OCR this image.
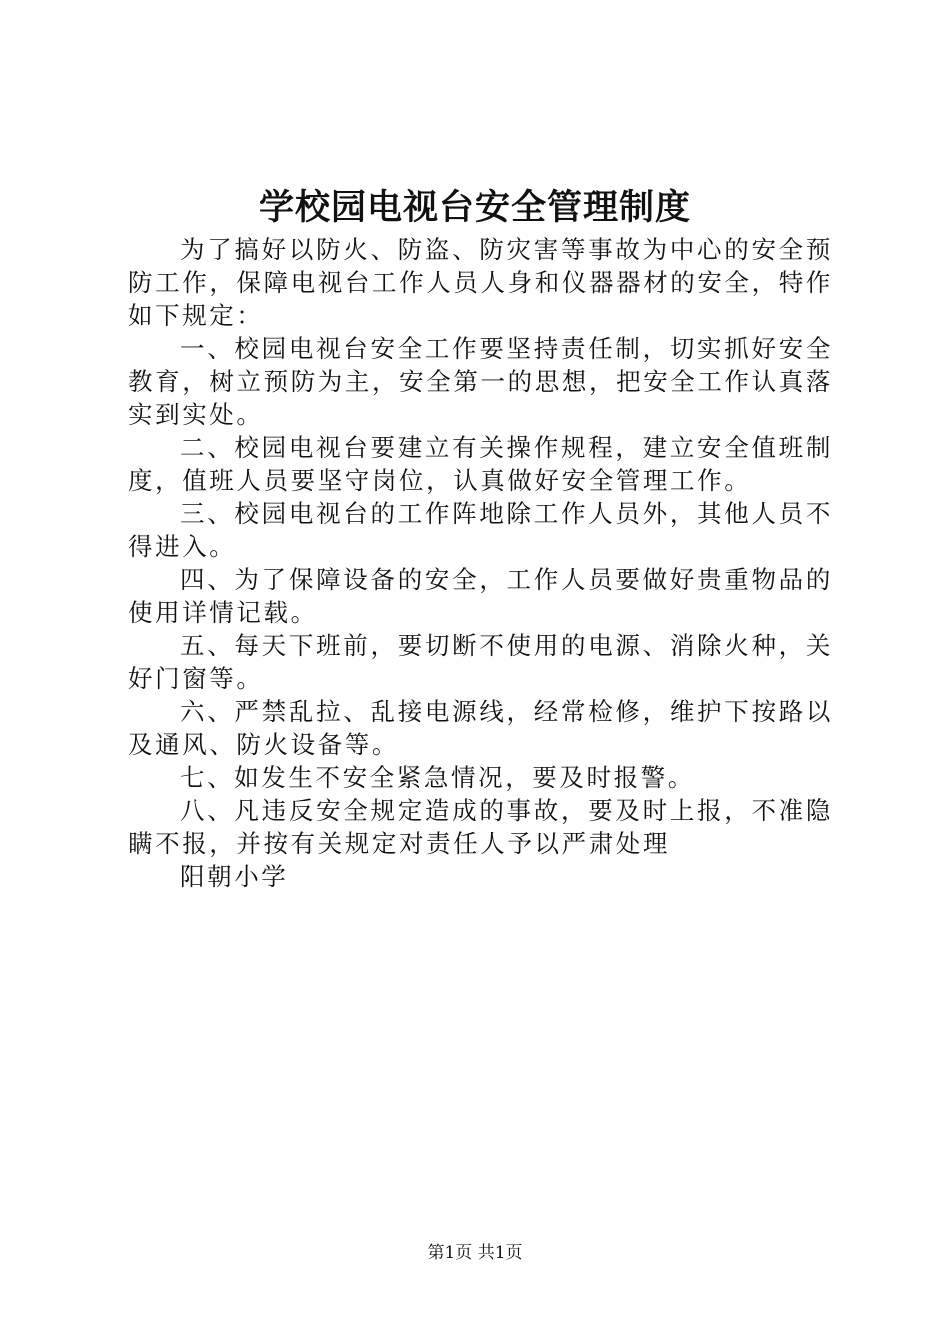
学校园电视台安全管理制度

为了搞好以防火、防盗、防灾害等事故为中心的安全预防工作，保障电视台工作人员人身和仪器器材的安全，特作如下规定：

一、校园电视台安全工作要坚持责任制，切实抓好安全教育，树立预防为主，安全第一的思想，把安全工作认真落实到实处。

二、校园电视台要建立有关操作规程，建立安全值班制度，值班人员要坚守岗位，认真做好安全管理工作。

三、校园电视台的工作阵地除工作人员外，其他人员不得进入。

四、为了保障设备的安全，工作人员要做好贵重物品的使用详情记载。

五、每天下班前，要切断不使用的电源、消除火种，关好门窗等。

六、严禁乱拉、乱接电源线，经常检修，维护下按路以及通风、防火设备等。

七、如发生不安全紧急情况，要及时报警。

八、凡违反安全规定造成的事故，要及时上报，不准隐瞒不报，并按有关规定对责任人予以严肃处理

阳朝小学

第1页 共1页
